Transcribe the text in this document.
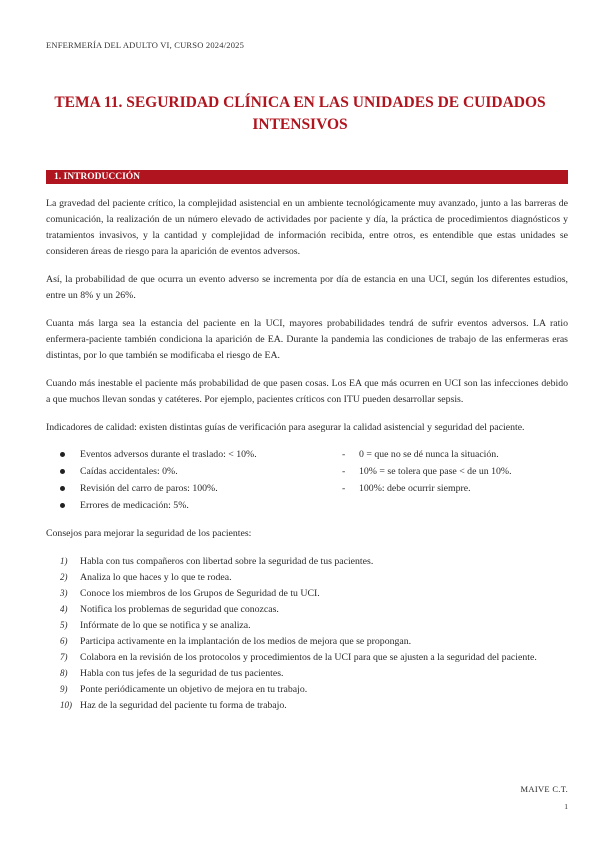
ENFERMERÍA DEL ADULTO VI, CURSO 2024/2025
TEMA 11. SEGURIDAD CLÍNICA EN LAS UNIDADES DE CUIDADOS
INTENSIVOS
1. INTRODUCCIÓN

La gravedad del paciente crítico, la complejidad asistencial en un ambiente tecnológicamente muy avanzado, junto a las barreras de comunicación, la realización de un número elevado de actividades por paciente y día, la práctica de procedimientos diagnósticos y tratamientos invasivos, y la cantidad y complejidad de información recibida, entre otros, es entendible que estas unidades se consideren áreas de riesgo para la aparición de eventos adversos.

Así, la probabilidad de que ocurra un evento adverso se incrementa por día de estancia en una UCI, según los diferentes estudios, entre un 8% y un 26%.

Cuanta más larga sea la estancia del paciente en la UCI, mayores probabilidades tendrá de sufrir eventos adversos. LA ratio enfermera-paciente también condiciona la aparición de EA. Durante la pandemia las condiciones de trabajo de las enfermeras eras distintas, por lo que también se modificaba el riesgo de EA.

Cuando más inestable el paciente más probabilidad de que pasen cosas. Los EA que más ocurren en UCI son las infecciones debido a que muchos llevan sondas y catéteres. Por ejemplo, pacientes críticos con ITU pueden desarrollar sepsis.

Indicadores de calidad: existen distintas guías de verificación para asegurar la calidad asistencial y seguridad del paciente.

Eventos adversos durante el traslado: < 10%.
Caídas accidentales: 0%.
Revisión del carro de paros: 100%.
Errores de medicación: 5%.
- 0 = que no se dé nunca la situación.
- 10% = se tolera que pase < de un 10%.
- 100%: debe ocurrir siempre.

Consejos para mejorar la seguridad de los pacientes:

1) Habla con tus compañeros con libertad sobre la seguridad de tus pacientes.
2) Analiza lo que haces y lo que te rodea.
3) Conoce los miembros de los Grupos de Seguridad de tu UCI.
4) Notifica los problemas de seguridad que conozcas.
5) Infórmate de lo que se notifica y se analiza.
6) Participa activamente en la implantación de los medios de mejora que se propongan.
7) Colabora en la revisión de los protocolos y procedimientos de la UCI para que se ajusten a la seguridad del paciente.
8) Habla con tus jefes de la seguridad de tus pacientes.
9) Ponte periódicamente un objetivo de mejora en tu trabajo.
10) Haz de la seguridad del paciente tu forma de trabajo.
MAIVE C.T.
1
